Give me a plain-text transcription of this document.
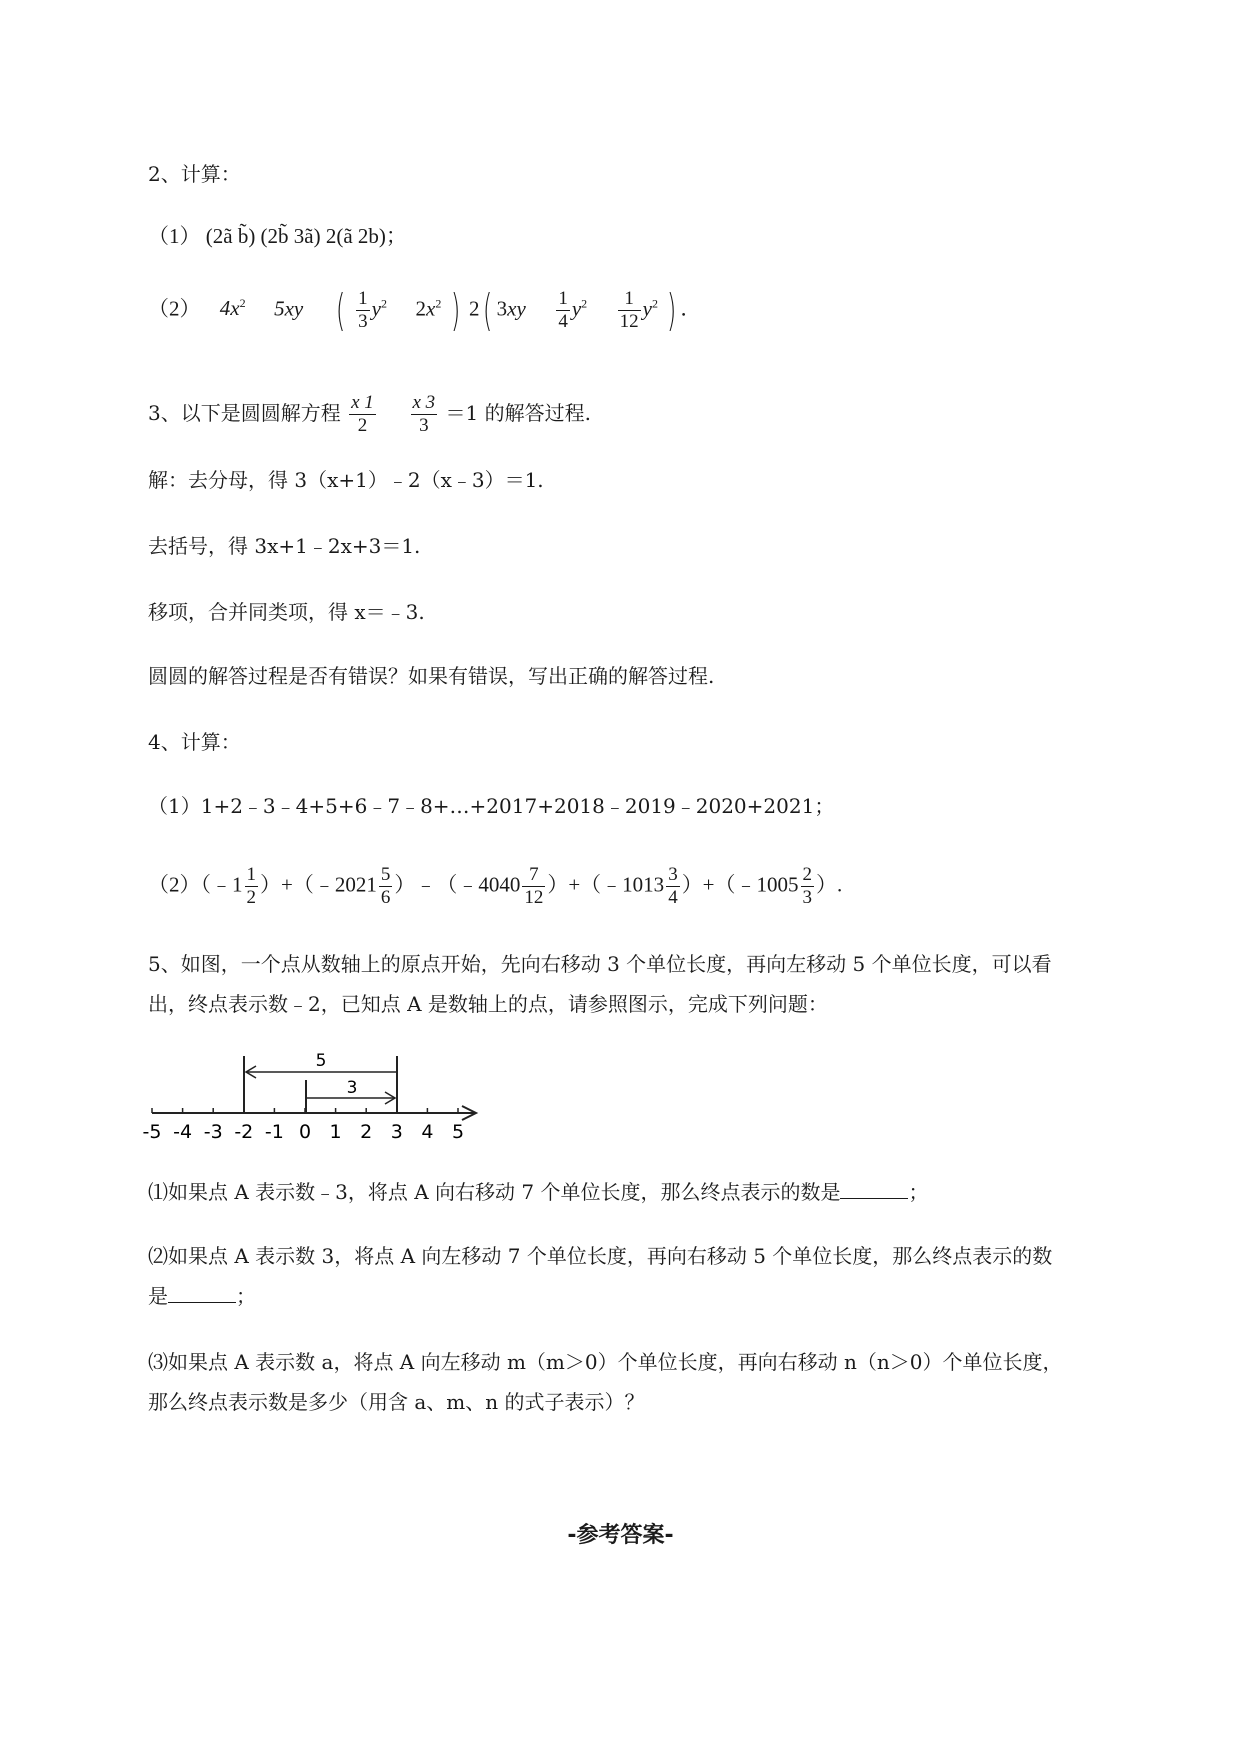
2、计算：
（1） (2ã b̃) (2b̃ 3ã) 2(ã 2b)；
（2） $4x^2$ 5xy ( $\frac{1}{3} y^2$  $2x^2$ ) 2( $3xy \frac{1}{4} y^2 \frac{1}{12} y^2$ ) ．
3、以下是圆圆解方程 $\frac{x 1}{2}$
$\frac{x 3}{3} =1$ 的解答过程.
解：去分母，得 3（x+1）﹣2（x﹣3）＝1.
去括号，得 3x+1﹣2x+3＝1.
移项，合并同类项，得 x＝﹣3.
圆圆的解答过程是否有错误？如果有错误，写出正确的解答过程.
4、计算：
（1）1+2﹣3﹣4+5+6﹣7﹣8+…+2017+2018﹣2019﹣2020+2021；
（2）（﹣1 $\frac{1}{2}$ ）+（﹣2021 $\frac{5}{6}$ ）﹣（﹣4040 $\frac{7}{12}$ ）+（﹣1013 $\frac{3}{4}$ ）+（﹣1005 $\frac{2}{3}$ ）.
5、如图，一个点从数轴上的原点开始，先向右移动 3 个单位长度，再向左移动 5 个单位长度，可以看
出，终点表示数﹣2，已知点 A 是数轴上的点，请参照图示，完成下列问题：
5
3
-5 -4 -3 -2 -1 0 1 2 3 4 5
⑴如果点 A 表示数﹣3，将点 A 向右移动 7 个单位长度，那么终点表示的数是	；
⑵如果点 A 表示数 3，将点 A 向左移动 7 个单位长度，再向右移动 5 个单位长度，那么终点表示的数
是	；
⑶如果点 A 表示数 a，将点 A 向左移动 m（m＞0）个单位长度，再向右移动 n（n＞0）个单位长度，
那么终点表示数是多少（用含 a、m、n 的式子表示）？
-参考答案-
